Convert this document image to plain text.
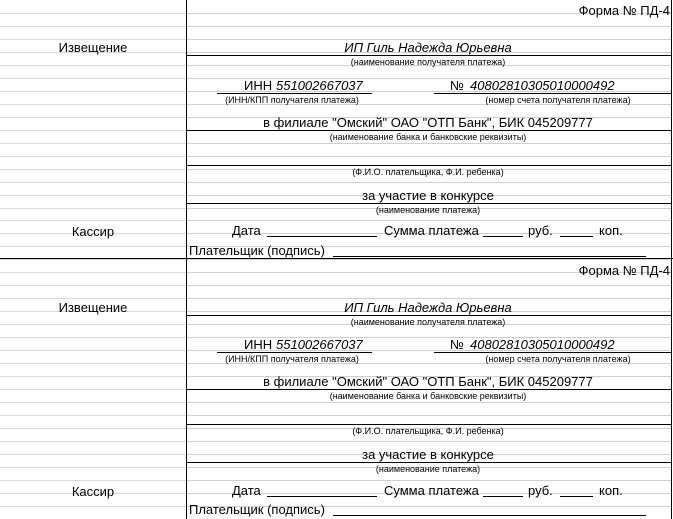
Форма № ПД-4
Извещение	ИП Гиль Надежда Юрьевна
(наименование получателя платежа)
ИНН 551002667037	№ 40802810305010000492
(ИНН/КПП получателя платежа)	(номер счета получателя платежа)
в филиале "Омский" ОАО "ОТП Банк", БИК 045209777
(наименование банка и банковские реквизиты)
(Ф.И.О. плательщика, Ф.И. ребенка)
за участие в конкурсе
(наименование платежа)
Кассир	Дата	Сумма платежа	руб.	коп.
Плательщик (подпись)
Форма № ПД-4
Извещение	ИП Гиль Надежда Юрьевна
(наименование получателя платежа)
ИНН 551002667037	№ 40802810305010000492
(ИНН/КПП получателя платежа)	(номер счета получателя платежа)
в филиале "Омский" ОАО "ОТП Банк", БИК 045209777
(наименование банка и банковские реквизиты)
(Ф.И.О. плательщика, Ф.И. ребенка)
за участие в конкурсе
(наименование платежа)
Кассир	Дата	Сумма платежа	руб.	коп.
Плательщик (подпись)
